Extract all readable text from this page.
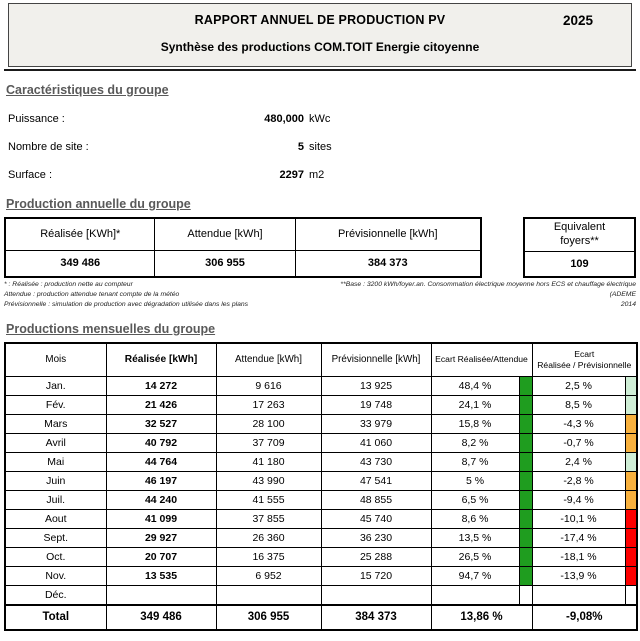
RAPPORT ANNUEL DE PRODUCTION PV	2025
Synthèse des productions COM.TOIT Energie citoyenne
Caractéristiques du groupe
Puissance :	480,000 kWc
Nombre de site :	5 sites
Surface :	2297 m2
Production annuelle du groupe
Réalisée [KWh]*	Attendue [kWh]	Prévisionnelle [kWh]
349 486	306 955	384 373
Equivalent
foyers**

109
* : Réalisée : production nette au compteur
Attendue : production attendue tenant compte de la météo
Prévisionnelle : simulation de production avec dégradation utilisée dans les plans
**Base : 3200 kWh/foyer.an. Consommation électrique moyenne hors ECS et chauffage électrique (ADEME
2014
Productions mensuelles du groupe
Mois	Réalisée [kWh]	Attendue [kWh]	Prévisionnelle [kWh]	Ecart Réalisée/Attendue		Ecart
Réalisée / Prévisionnelle	

Jan.	14 272	9 616	13 925	48,4 %		2,5 %	
Fév.	21 426	17 263	19 748	24,1 %		8,5 %	
Mars	32 527	28 100	33 979	15,8 %		-4,3 %	
Avril	40 792	37 709	41 060	8,2 %		-0,7 %	
Mai	44 764	41 180	43 730	8,7 %		2,4 %	
Juin	46 197	43 990	47 541	5 %		-2,8 %	
Juil.	44 240	41 555	48 855	6,5 %		-9,4 %	
Aout	41 099	37 855	45 740	8,6 %		-10,1 %	
Sept.	29 927	26 360	36 230	13,5 %		-17,4 %	
Oct.	20 707	16 375	25 288	26,5 %		-18,1 %	
Nov.	13 535	6 952	15 720	94,7 %		-13,9 %	
Déc.							
Total	349 486	306 955	384 373	13,86 %		-9,08%	
